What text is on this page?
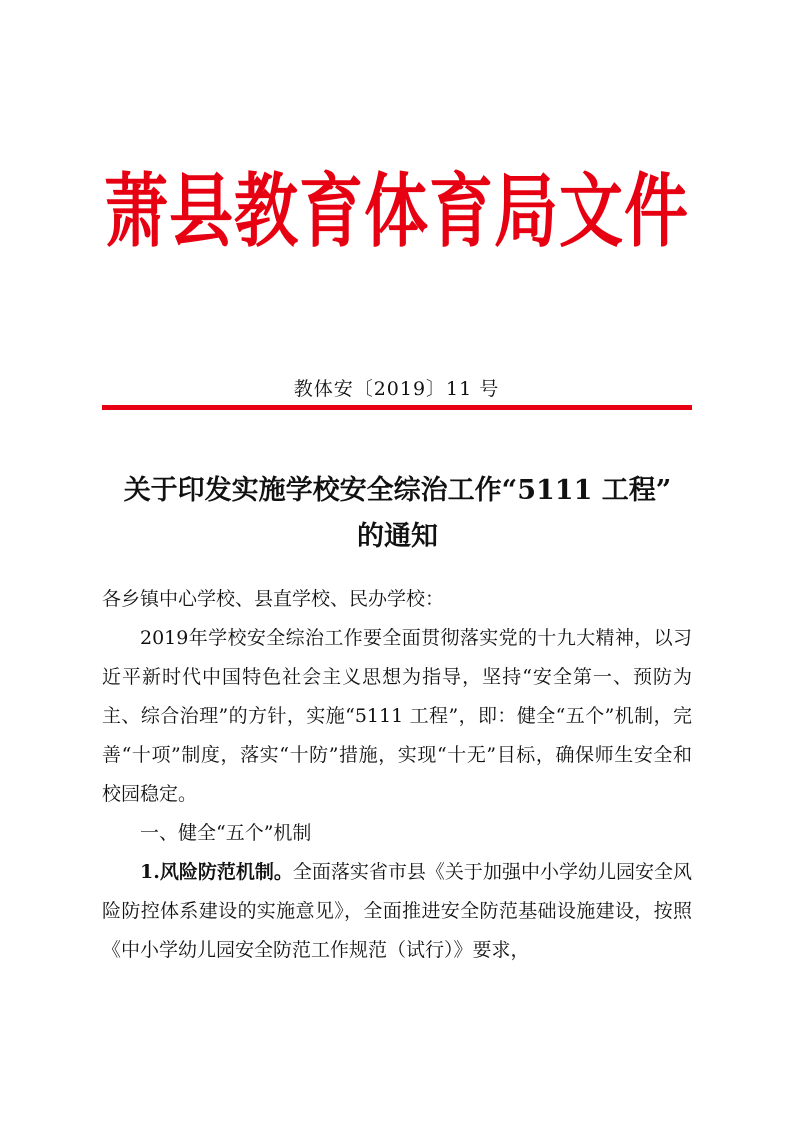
萧县教育体育局文件
教体安〔2019〕11 号
关于印发实施学校安全综治工作“5111 工程”
的通知

各乡镇中心学校、县直学校、民办学校：

2019年学校安全综治工作要全面贯彻落实党的十九大精神，以习近平新时代中国特色社会主义思想为指导，坚持“安全第一、预防为主、综合治理”的方针，实施“5111 工程”，即：健全“五个”机制，完善“十项”制度，落实“十防”措施，实现“十无”目标，确保师生安全和校园稳定。

一、健全“五个”机制

1.风险防范机制。全面落实省市县《关于加强中小学幼儿园安全风险防控体系建设的实施意见》，全面推进安全防范基础设施建设，按照《中小学幼儿园安全防范工作规范（试行）》要求，
